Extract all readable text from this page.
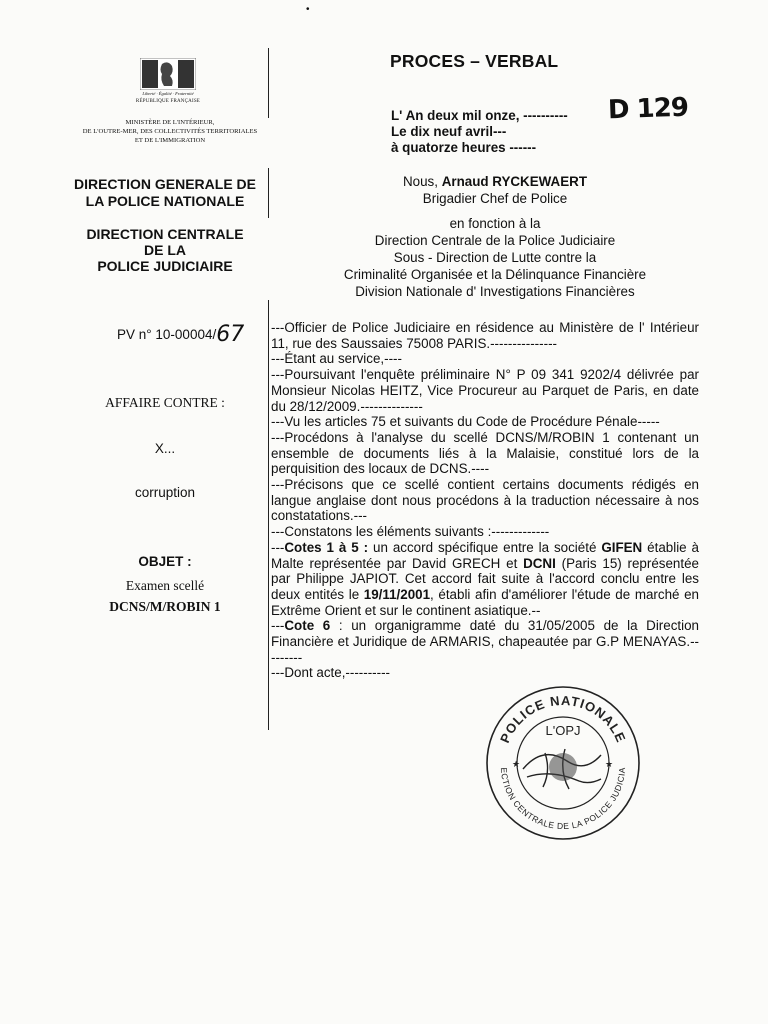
•
Liberté · Égalité · Fraternité
RÉPUBLIQUE FRANÇAISE
MINISTÈRE DE L'INTÉRIEUR,
DE L'OUTRE-MER, DES COLLECTIVITÉS TERRITORIALES
ET DE L'IMMIGRATION
DIRECTION GENERALE DE
LA POLICE NATIONALE
DIRECTION CENTRALE
DE LA
POLICE JUDICIAIRE
PV n° 10-00004/67
AFFAIRE CONTRE :
X...
corruption
OBJET :
Examen scellé
DCNS/M/ROBIN 1
PROCES – VERBAL
L' An deux mil onze, ----------
Le dix neuf avril---
à quatorze heures ------
D 129
Nous, Arnaud RYCKEWAERT
Brigadier Chef de Police
en fonction à la
Direction Centrale de la Police Judiciaire
Sous - Direction de Lutte contre la
Criminalité Organisée et la Délinquance Financière
Division Nationale d' Investigations Financières

---Officier de Police Judiciaire en résidence au Ministère de l' Intérieur 11, rue des Saussaies 75008 PARIS.---------------

---Étant au service,----

---Poursuivant l'enquête préliminaire N° P 09 341 9202/4 délivrée par Monsieur Nicolas HEITZ, Vice Procureur au Parquet de Paris, en date du 28/12/2009.--------------

---Vu les articles 75 et suivants du Code de Procédure Pénale-----

---Procédons à l'analyse du scellé DCNS/M/ROBIN 1 contenant un ensemble de documents liés à la Malaisie, constitué lors de la perquisition des locaux de DCNS.----

---Précisons que ce scellé contient certains documents rédigés en langue anglaise dont nous procédons à la traduction nécessaire à nos constatations.---

---Constatons les éléments suivants :-------------

---Cotes 1 à 5 : un accord spécifique entre la société GIFEN établie à Malte représentée par David GRECH et DCNI (Paris 15) représentée par Philippe JAPIOT. Cet accord fait suite à l'accord conclu entre les deux entités le 19/11/2001, établi afin d'améliorer l'étude de marché en Extrême Orient et sur le continent asiatique.--

---Cote 6 : un organigramme daté du 31/05/2005 de la Direction Financière et Juridique de ARMARIS, chapeautée par G.P MENAYAS.---------

---Dont acte,----------

POLICE NATIONALE
ECTION CENTRALE DE LA POLICE JUDICIA
L'OPJ
★	★
